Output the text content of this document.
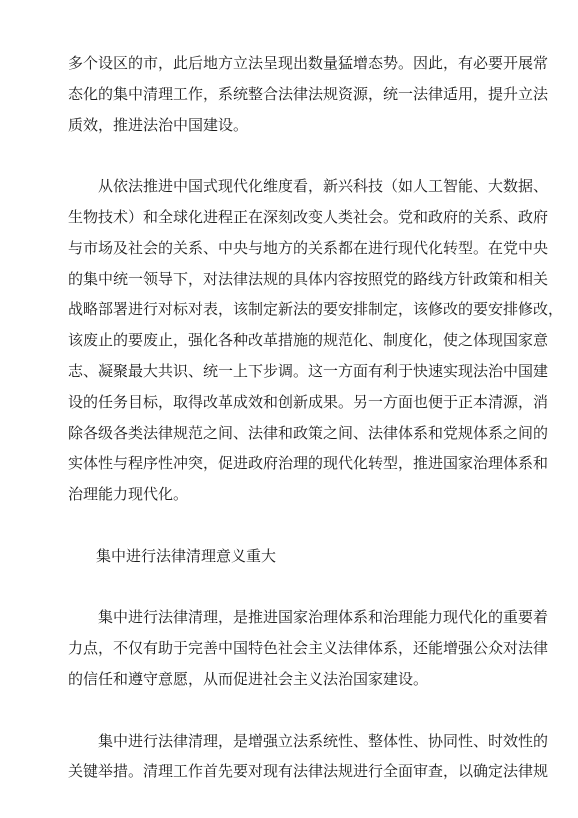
多个设区的市，此后地方立法呈现出数量猛增态势。因此，有必要开展常
态化的集中清理工作，系统整合法律法规资源，统一法律适用，提升立法
质效，推进法治中国建设。
从依法推进中国式现代化维度看，新兴科技（如人工智能、大数据、
生物技术）和全球化进程正在深刻改变人类社会。党和政府的关系、政府
与市场及社会的关系、中央与地方的关系都在进行现代化转型。在党中央
的集中统一领导下，对法律法规的具体内容按照党的路线方针政策和相关
战略部署进行对标对表，该制定新法的要安排制定，该修改的要安排修改，
该废止的要废止，强化各种改革措施的规范化、制度化，使之体现国家意
志、凝聚最大共识、统一上下步调。这一方面有利于快速实现法治中国建
设的任务目标，取得改革成效和创新成果。另一方面也便于正本清源，消
除各级各类法律规范之间、法律和政策之间、法律体系和党规体系之间的
实体性与程序性冲突，促进政府治理的现代化转型，推进国家治理体系和
治理能力现代化。
集中进行法律清理意义重大
集中进行法律清理，是推进国家治理体系和治理能力现代化的重要着
力点，不仅有助于完善中国特色社会主义法律体系，还能增强公众对法律
的信任和遵守意愿，从而促进社会主义法治国家建设。
集中进行法律清理，是增强立法系统性、整体性、协同性、时效性的
关键举措。清理工作首先要对现有法律法规进行全面审查，以确定法律规
